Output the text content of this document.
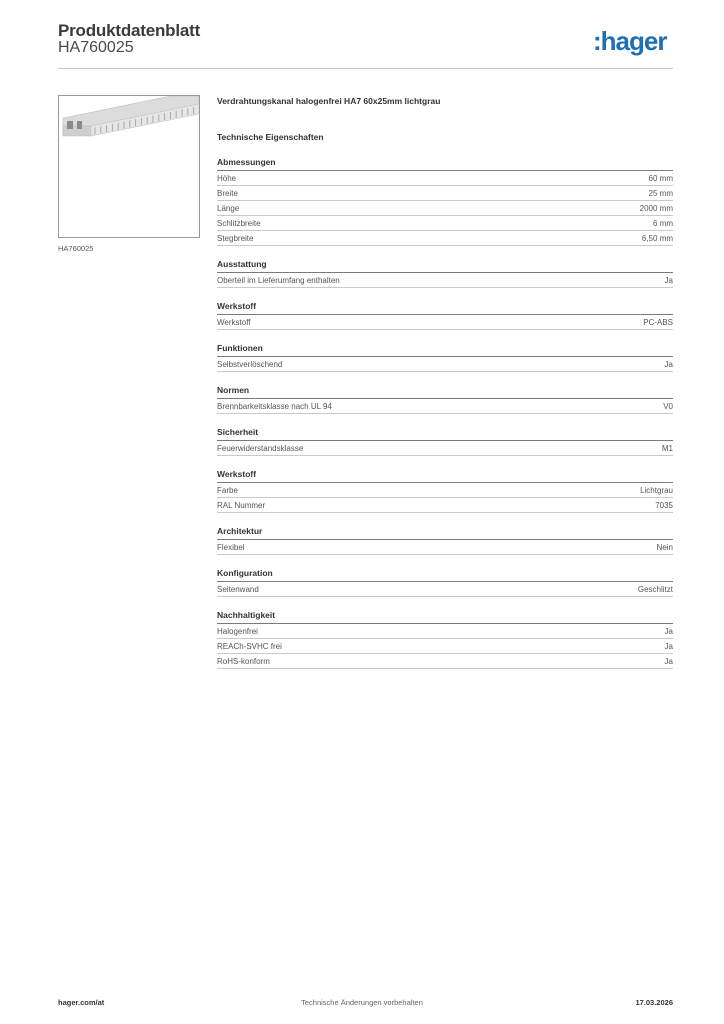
Produktdatenblatt
HA760025	:hager
HA760025
Verdrahtungskanal halogenfrei HA7 60x25mm lichtgrau
Technische Eigenschaften
Abmessungen
Höhe	60 mm
Breite	25 mm
Länge	2000 mm
Schlitzbreite	6 mm
Stegbreite	6,50 mm
Ausstattung
Oberteil im Lieferumfang enthalten	Ja
Werkstoff
Werkstoff	PC-ABS
Funktionen
Selbstverlöschend	Ja
Normen
Brennbarkeitsklasse nach UL 94	V0
Sicherheit
Feuerwiderstandsklasse	M1
Werkstoff
Farbe	Lichtgrau
RAL Nummer	7035
Architektur
Flexibel	Nein
Konfiguration
Seitenwand	Geschlitzt
Nachhaltigkeit
Halogenfrei	Ja
REACh-SVHC frei	Ja
RoHS-konform	Ja
Technische Änderungen vorbehalten
hager.com/at	17.03.2026
